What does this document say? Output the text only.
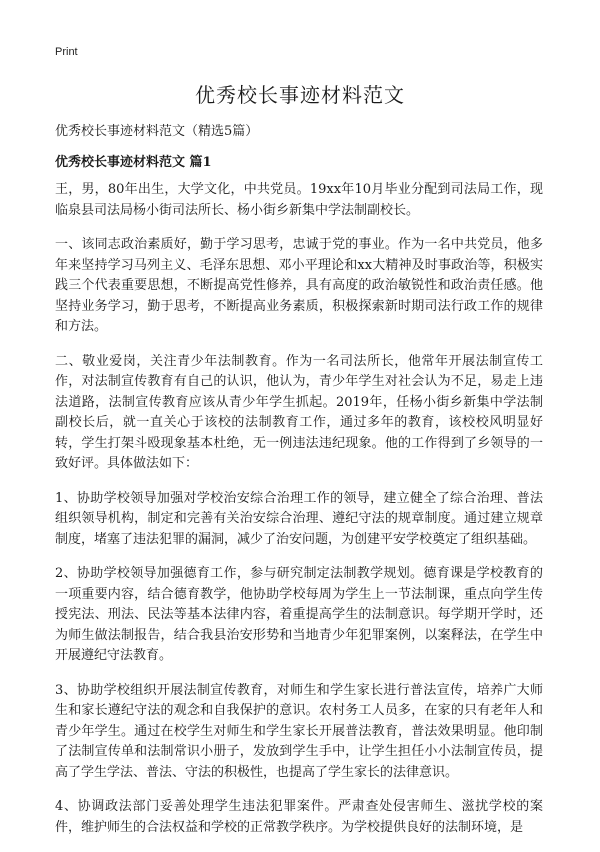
Print
优秀校长事迹材料范文

优秀校长事迹材料范文（精选5篇）

优秀校长事迹材料范文 篇1

王，男，80年出生，大学文化，中共党员。19xx年10月毕业分配到司法局工作，现临泉县司法局杨小街司法所长、杨小街乡新集中学法制副校长。

一、该同志政治素质好，勤于学习思考，忠诚于党的事业。作为一名中共党员，他多年来坚持学习马列主义、毛泽东思想、邓小平理论和xx大精神及时事政治等，积极实践三个代表重要思想，不断提高党性修养，具有高度的政治敏锐性和政治责任感。他坚持业务学习，勤于思考，不断提高业务素质，积极探索新时期司法行政工作的规律和方法。

二、敬业爱岗，关注青少年法制教育。作为一名司法所长，他常年开展法制宣传工作，对法制宣传教育有自己的认识，他认为，青少年学生对社会认为不足，易走上违法道路，法制宣传教育应该从青少年学生抓起。2019年，任杨小街乡新集中学法制副校长后，就一直关心于该校的法制教育工作，通过多年的教育，该校校风明显好转，学生打架斗殴现象基本杜绝，无一例违法违纪现象。他的工作得到了乡领导的一致好评。具体做法如下：

1、协助学校领导加强对学校治安综合治理工作的领导，建立健全了综合治理、普法组织领导机构，制定和完善有关治安综合治理、遵纪守法的规章制度。通过建立规章制度，堵塞了违法犯罪的漏洞，减少了治安问题，为创建平安学校奠定了组织基础。

2、协助学校领导加强德育工作，参与研究制定法制教学规划。德育课是学校教育的一项重要内容，结合德育教学，他协助学校每周为学生上一节法制课，重点向学生传授宪法、刑法、民法等基本法律内容，着重提高学生的法制意识。每学期开学时，还为师生做法制报告，结合我县治安形势和当地青少年犯罪案例，以案释法，在学生中开展遵纪守法教育。

3、协助学校组织开展法制宣传教育，对师生和学生家长进行普法宣传，培养广大师生和家长遵纪守法的观念和自我保护的意识。农村务工人员多，在家的只有老年人和青少年学生。通过在校学生对师生和学生家长开展普法教育，普法效果明显。他印制了法制宣传单和法制常识小册子，发放到学生手中，让学生担任小小法制宣传员，提高了学生学法、普法、守法的积极性，也提高了学生家长的法律意识。

4、协调政法部门妥善处理学生违法犯罪案件。严肃查处侵害师生、滋扰学校的案件，维护师生的合法权益和学校的正常教学秩序。为学校提供良好的法制环境，是
